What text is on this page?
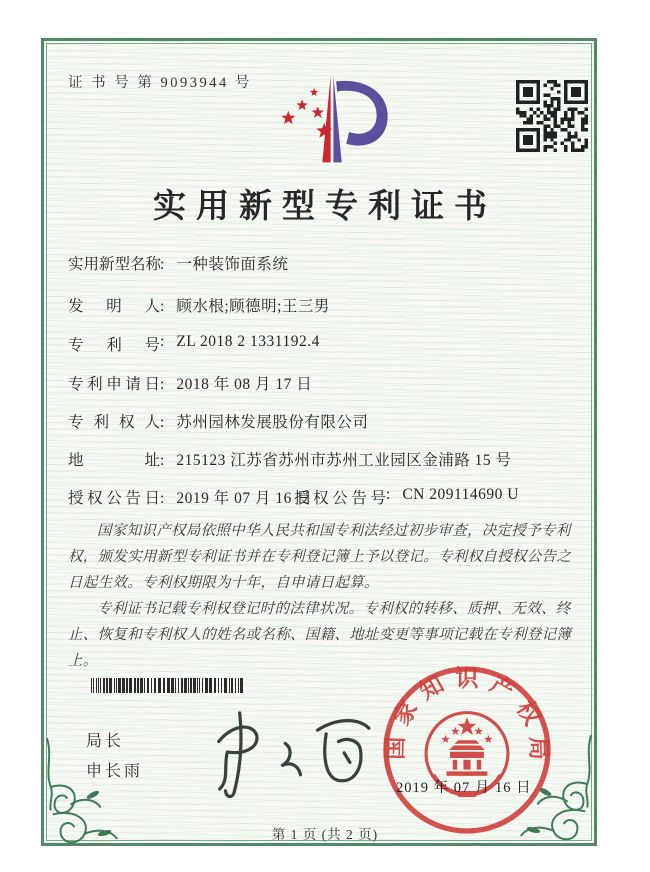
证 书 号 第 9093944 号
实用新型专利证书
实用新型名称: 一种装饰面系统
发明人: 顾水根;顾德明;王三男
专利号: ZL 2018 2 1331192.4
专利申请日: 2018 年 08 月 17 日
专利权人: 苏州园林发展股份有限公司
地址: 215123 江苏省苏州市苏州工业园区金浦路 15 号
授权公告日: 2019 年 07 月 16 日
授权公告号: CN 209114690 U

国家知识产权局依照中华人民共和国专利法经过初步审查，决定授予专利权，颁发实用新型专利证书并在专利登记簿上予以登记。专利权自授权公告之日起生效。专利权期限为十年，自申请日起算。

专利证书记载专利权登记时的法律状况。专利权的转移、质押、无效、终止、恢复和专利权人的姓名或名称、国籍、地址变更等事项记载在专利登记簿上。

局长
申长雨
国家知识产权局
2019 年 07 月 16 日
第 1 页 (共 2 页)
